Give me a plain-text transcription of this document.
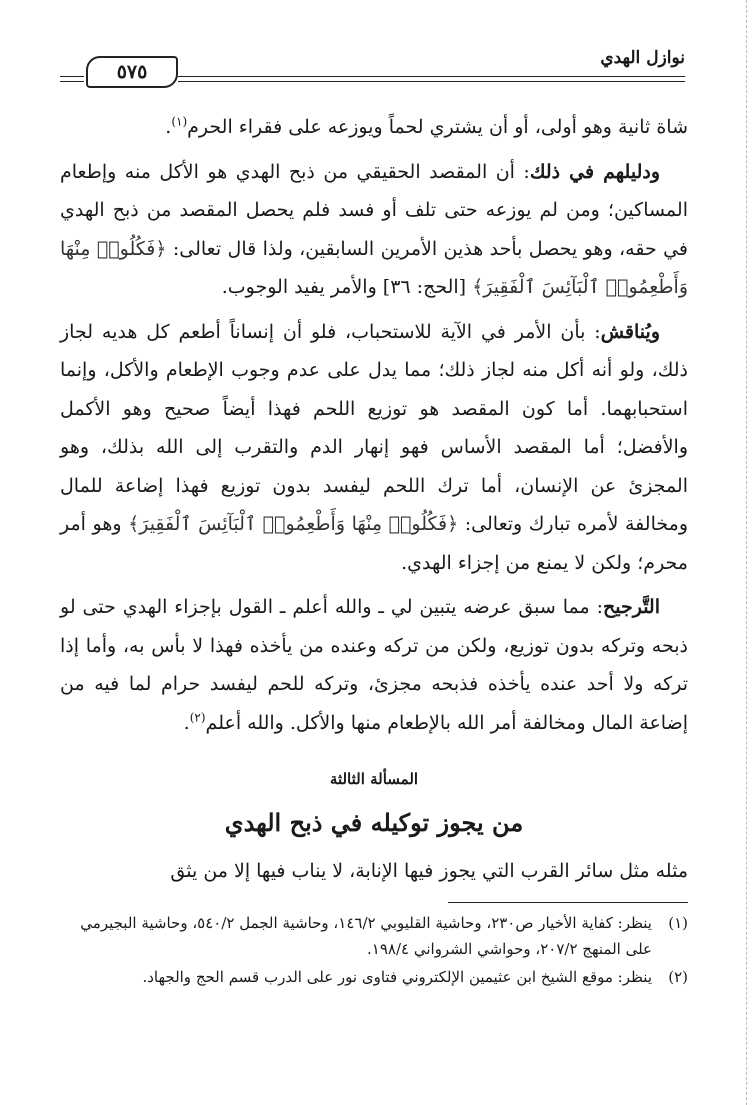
نوازل الهدي
٥٧٥

شاة ثانية وهو أولى، أو أن يشتري لحماً ويوزعه على فقراء الحرم$^{(١)}$.

ودليلهم في ذلك: أن المقصد الحقيقي من ذبح الهدي هو الأكل منه وإطعام المساكين؛ ومن لم يوزعه حتى تلف أو فسد فلم يحصل المقصد من ذبح الهدي في حقه، وهو يحصل بأحد هذين الأمرين السابقين، ولذا قال تعالى: ﴿فَكُلُوا۟ مِنْهَا وَأَطْعِمُوا۟ ٱلْبَآئِسَ ٱلْفَقِيرَ﴾ [الحج: ٣٦] والأمر يفيد الوجوب.

ويُناقش: بأن الأمر في الآية للاستحباب، فلو أن إنساناً أطعم كل هديه لجاز ذلك، ولو أنه أكل منه لجاز ذلك؛ مما يدل على عدم وجوب الإطعام والأكل، وإنما استحبابهما. أما كون المقصد هو توزيع اللحم فهذا أيضاً صحيح وهو الأكمل والأفضل؛ أما المقصد الأساس فهو إنهار الدم والتقرب إلى الله بذلك، وهو المجزئ عن الإنسان، أما ترك اللحم ليفسد بدون توزيع فهذا إضاعة للمال ومخالفة لأمره تبارك وتعالى: ﴿فَكُلُوا۟ مِنْهَا وَأَطْعِمُوا۟ ٱلْبَآئِسَ ٱلْفَقِيرَ﴾ وهو أمر محرم؛ ولكن لا يمنع من إجزاء الهدي.

التَّرجيح: مما سبق عرضه يتبين لي ـ والله أعلم ـ القول بإجزاء الهدي حتى لو ذبحه وتركه بدون توزيع، ولكن من تركه وعنده من يأخذه فهذا لا بأس به، وأما إذا تركه ولا أحد عنده يأخذه فذبحه مجزئ، وتركه للحم ليفسد حرام لما فيه من إضاعة المال ومخالفة أمر الله بالإطعام منها والأكل. والله أعلم$^{(٢)}$.

المسألة الثالثة
من يجوز توكيله في ذبح الهدي
مثله مثل سائر القرب التي يجوز فيها الإنابة، لا يناب فيها إلا من يثق
(١)
ينظر: كفاية الأخيار ص٢٣٠، وحاشية القليوبي ١٤٦/٢، وحاشية الجمل ٥٤٠/٢، وحاشية البجيرمي على المنهج ٢٠٧/٢، وحواشي الشرواني ١٩٨/٤.
(٢)
ينظر: موقع الشيخ ابن عثيمين الإلكتروني فتاوى نور على الدرب قسم الحج والجهاد.
